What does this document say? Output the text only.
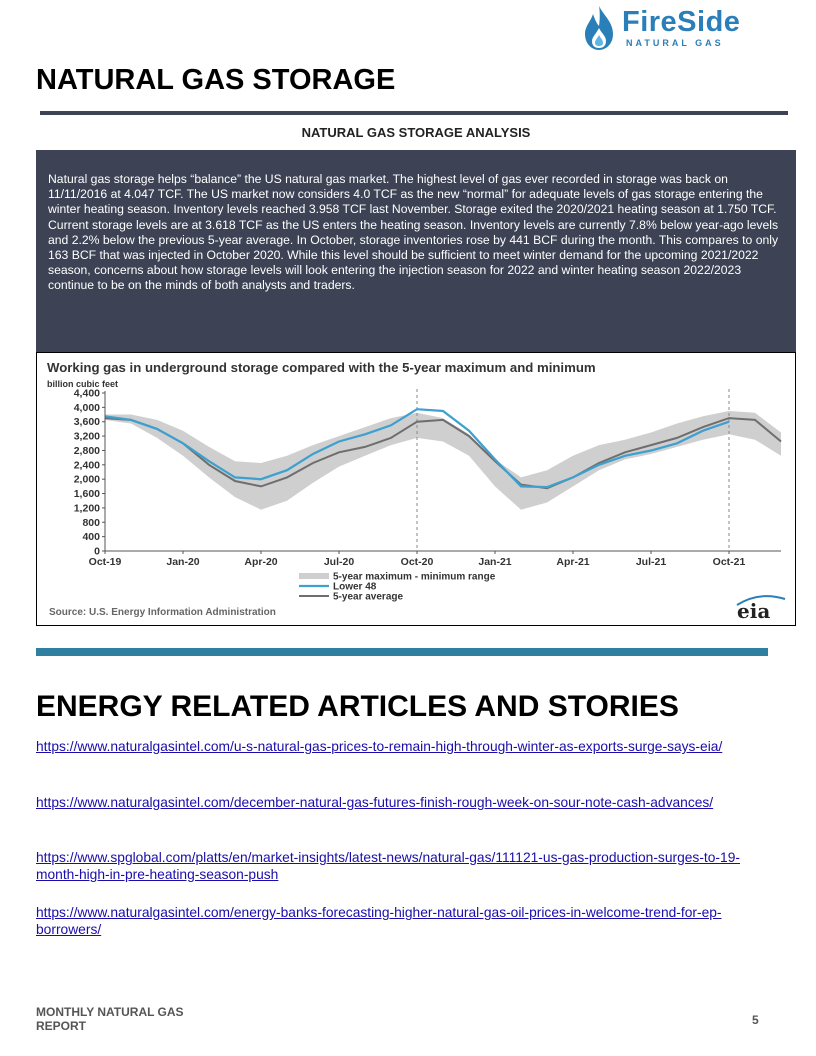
FireSide
NATURAL GAS
NATURAL GAS STORAGE
NATURAL GAS STORAGE ANALYSIS
Natural gas storage helps “balance” the US natural gas market. The highest level of gas ever recorded in storage was back on 11/11/2016 at 4.047 TCF. The US market now considers 4.0 TCF as the new “normal” for adequate levels of gas storage entering the winter heating season. Inventory levels reached 3.958 TCF last November. Storage exited the 2020/2021 heating season at 1.750 TCF. Current storage levels are at 3.618 TCF as the US enters the heating season. Inventory levels are currently 7.8% below year-ago levels and 2.2% below the previous 5-year average. In October, storage inventories rose by 441 BCF during the month. This compares to only 163 BCF that was injected in October 2020. While this level should be sufficient to meet winter demand for the upcoming 2021/2022 season, concerns about how storage levels will look entering the injection season for 2022 and winter heating season 2022/2023 continue to be on the minds of both analysts and traders.
Working gas in underground storage compared with the 5-year maximum and minimum
billion cubic feet
0
400
800
1,200
1,600
2,000
2,400
2,800
3,200
3,600
4,000
4,400
Oct-19	Jan-20	Apr-20	Jul-20	Oct-20	Jan-21	Apr-21	Jul-21	Oct-21
5-year maximum - minimum range
Lower 48
5-year average
Source: U.S. Energy Information Administration	eia
ENERGY RELATED ARTICLES AND STORIES
https://www.naturalgasintel.com/u-s-natural-gas-prices-to-remain-high-through-winter-as-exports-surge-says-eia/
https://www.naturalgasintel.com/december-natural-gas-futures-finish-rough-week-on-sour-note-cash-advances/
https://www.spglobal.com/platts/en/market-insights/latest-news/natural-gas/111121-us-gas-production-surges-to-19-month-high-in-pre-heating-season-push
https://www.naturalgasintel.com/energy-banks-forecasting-higher-natural-gas-oil-prices-in-welcome-trend-for-ep-borrowers/
MONTHLY NATURAL GAS REPORT	5
